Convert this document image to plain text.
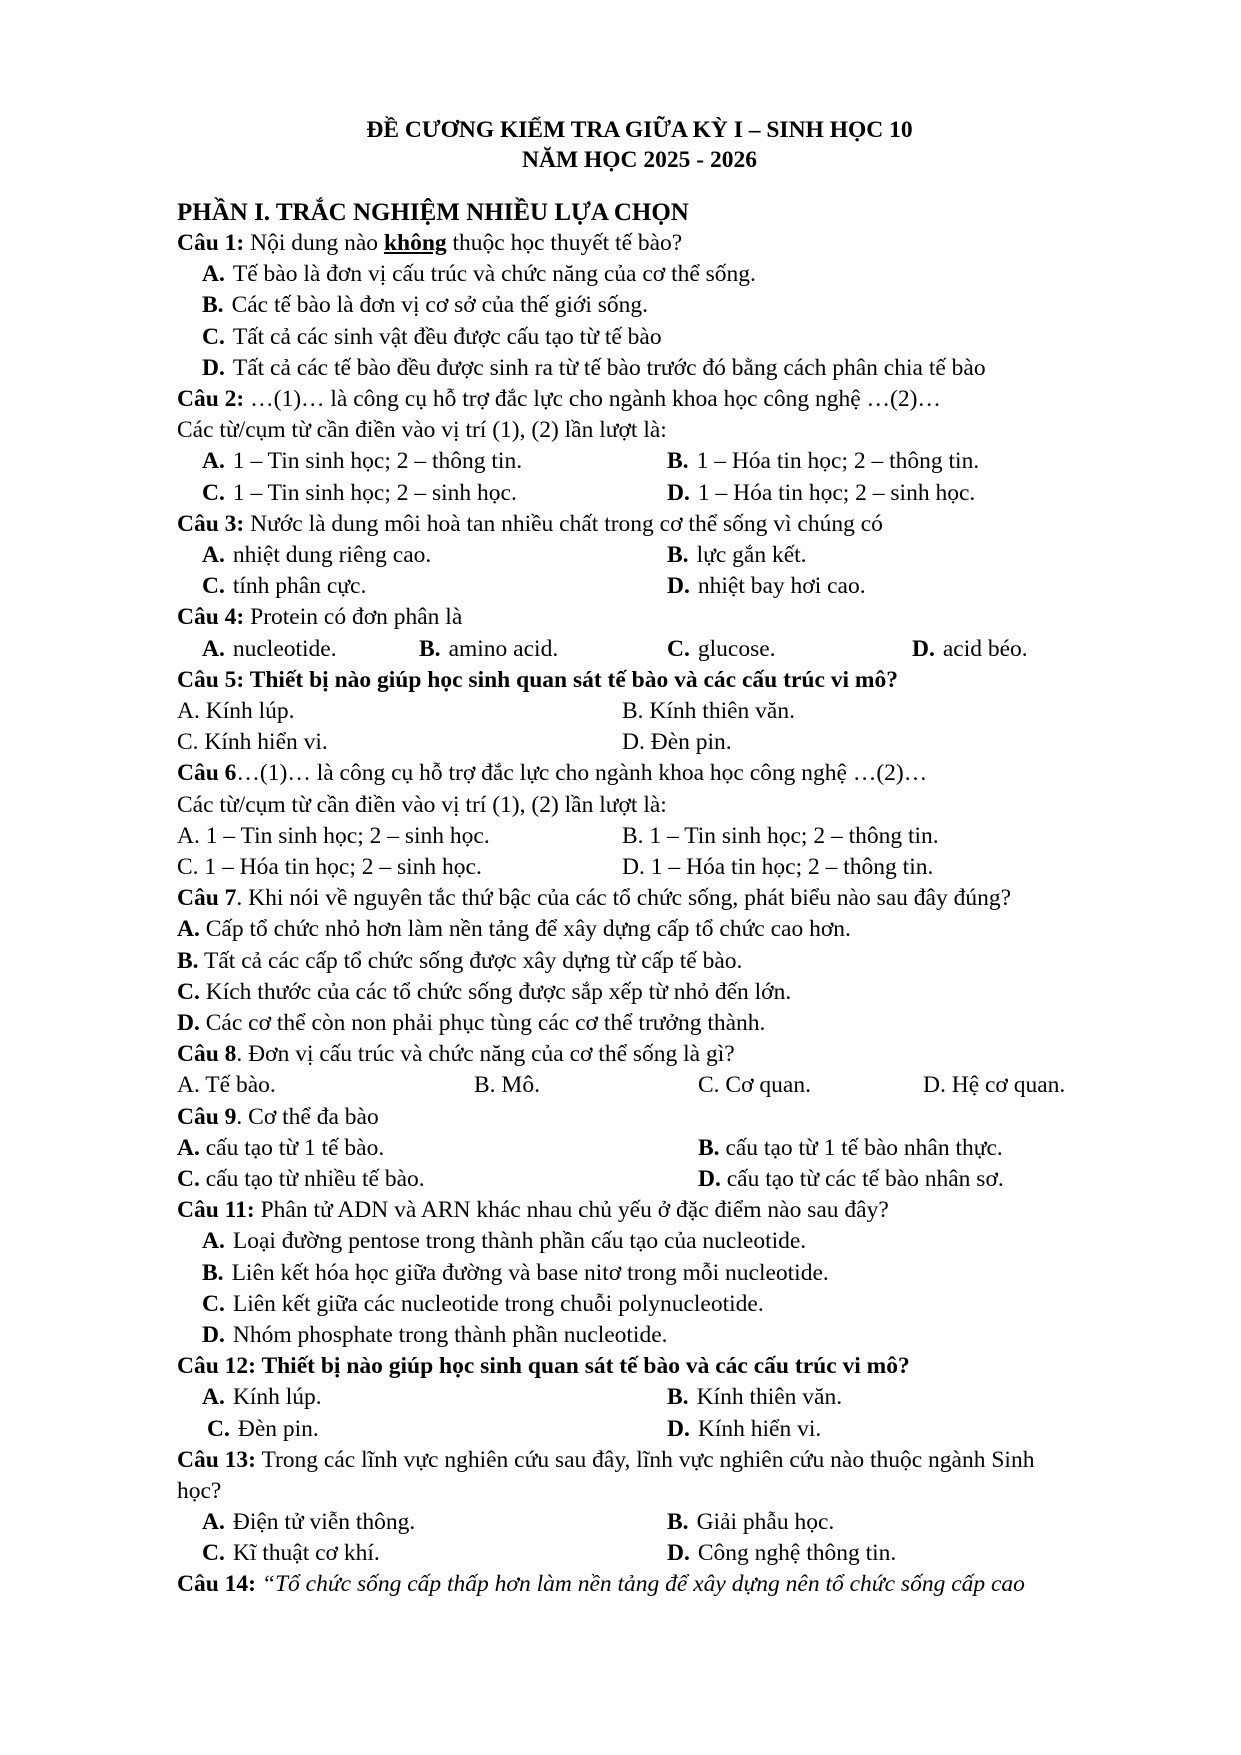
ĐỀ CƯƠNG KIỂM TRA GIỮA KỲ I – SINH HỌC 10
NĂM HỌC 2025 - 2026
PHẦN I. TRẮC NGHIỆM NHIỀU LỰA CHỌN
Câu 1: Nội dung nào không thuộc học thuyết tế bào?
A. Tế bào là đơn vị cấu trúc và chức năng của cơ thể sống.
B. Các tế bào là đơn vị cơ sở của thế giới sống.
C. Tất cả các sinh vật đều được cấu tạo từ tế bào
D. Tất cả các tế bào đều được sinh ra từ tế bào trước đó bằng cách phân chia tế bào
Câu 2: …(1)… là công cụ hỗ trợ đắc lực cho ngành khoa học công nghệ …(2)…
Các từ/cụm từ cần điền vào vị trí (1), (2) lần lượt là:
A. 1 – Tin sinh học; 2 – thông tin.	B. 1 – Hóa tin học; 2 – thông tin.
C. 1 – Tin sinh học; 2 – sinh học.	D. 1 – Hóa tin học; 2 – sinh học.
Câu 3: Nước là dung môi hoà tan nhiều chất trong cơ thể sống vì chúng có
A. nhiệt dung riêng cao.	B. lực gắn kết.
C. tính phân cực.	D. nhiệt bay hơi cao.
Câu 4: Protein có đơn phân là
A. nucleotide.	B. amino acid.	C. glucose.	D. acid béo.
Câu 5: Thiết bị nào giúp học sinh quan sát tế bào và các cấu trúc vi mô?
A. Kính lúp.	B. Kính thiên văn.
C. Kính hiển vi.	D. Đèn pin.
Câu 6…(1)… là công cụ hỗ trợ đắc lực cho ngành khoa học công nghệ …(2)…
Các từ/cụm từ cần điền vào vị trí (1), (2) lần lượt là:
A. 1 – Tin sinh học; 2 – sinh học.	B. 1 – Tin sinh học; 2 – thông tin.
C. 1 – Hóa tin học; 2 – sinh học.	D. 1 – Hóa tin học; 2 – thông tin.
Câu 7. Khi nói về nguyên tắc thứ bậc của các tổ chức sống, phát biểu nào sau đây đúng?
A. Cấp tổ chức nhỏ hơn làm nền tảng để xây dựng cấp tổ chức cao hơn.
B. Tất cả các cấp tổ chức sống được xây dựng từ cấp tế bào.
C. Kích thước của các tổ chức sống được sắp xếp từ nhỏ đến lớn.
D. Các cơ thể còn non phải phục tùng các cơ thể trưởng thành.
Câu 8. Đơn vị cấu trúc và chức năng của cơ thể sống là gì?
A. Tế bào.	B. Mô.	C. Cơ quan.	D. Hệ cơ quan.
Câu 9. Cơ thể đa bào
A. cấu tạo từ 1 tế bào.	B. cấu tạo từ 1 tế bào nhân thực.
C. cấu tạo từ nhiều tế bào.	D. cấu tạo từ các tế bào nhân sơ.
Câu 11: Phân tử ADN và ARN khác nhau chủ yếu ở đặc điểm nào sau đây?
A. Loại đường pentose trong thành phần cấu tạo của nucleotide.
B. Liên kết hóa học giữa đường và base nitơ trong mỗi nucleotide.
C. Liên kết giữa các nucleotide trong chuỗi polynucleotide.
D. Nhóm phosphate trong thành phần nucleotide.
Câu 12: Thiết bị nào giúp học sinh quan sát tế bào và các cấu trúc vi mô?
A. Kính lúp.	B. Kính thiên văn.
C. Đèn pin.	D. Kính hiển vi.
Câu 13: Trong các lĩnh vực nghiên cứu sau đây, lĩnh vực nghiên cứu nào thuộc ngành Sinh
học?
A. Điện tử viễn thông.	B. Giải phẫu học.
C. Kĩ thuật cơ khí.	D. Công nghệ thông tin.
Câu 14: “Tổ chức sống cấp thấp hơn làm nền tảng để xây dựng nên tổ chức sống cấp cao
